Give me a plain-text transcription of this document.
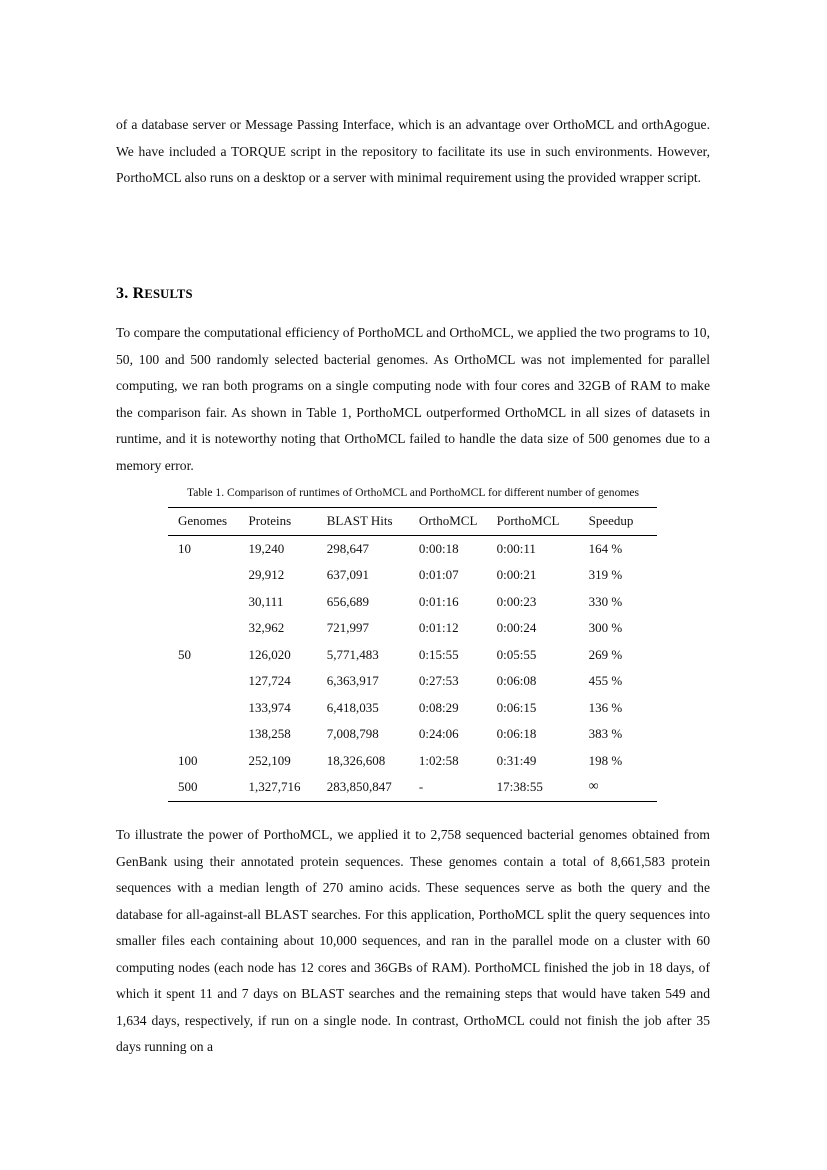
of a database server or Message Passing Interface, which is an advantage over OrthoMCL and orthAgogue. We have included a TORQUE script in the repository to facilitate its use in such environments. However, PorthoMCL also runs on a desktop or a server with minimal requirement using the provided wrapper script.

3. RESULTS

To compare the computational efficiency of PorthoMCL and OrthoMCL, we applied the two programs to 10, 50, 100 and 500 randomly selected bacterial genomes. As OrthoMCL was not implemented for parallel computing, we ran both programs on a single computing node with four cores and 32GB of RAM to make the comparison fair. As shown in Table 1, PorthoMCL outperformed OrthoMCL in all sizes of datasets in runtime, and it is noteworthy noting that OrthoMCL failed to handle the data size of 500 genomes due to a memory error.

Table 1. Comparison of runtimes of OrthoMCL and PorthoMCL for different number of genomes
Genomes	Proteins	BLAST Hits	OrthoMCL	PorthoMCL	Speedup
10	19,240	298,647	0:00:18	0:00:11	164 %
	29,912	637,091	0:01:07	0:00:21	319 %
	30,111	656,689	0:01:16	0:00:23	330 %
	32,962	721,997	0:01:12	0:00:24	300 %
50	126,020	5,771,483	0:15:55	0:05:55	269 %
	127,724	6,363,917	0:27:53	0:06:08	455 %
	133,974	6,418,035	0:08:29	0:06:15	136 %
	138,258	7,008,798	0:24:06	0:06:18	383 %
100	252,109	18,326,608	1:02:58	0:31:49	198 %
500	1,327,716	283,850,847	-	17:38:55	∞

To illustrate the power of PorthoMCL, we applied it to 2,758 sequenced bacterial genomes obtained from GenBank using their annotated protein sequences. These genomes contain a total of 8,661,583 protein sequences with a median length of 270 amino acids. These sequences serve as both the query and the database for all-against-all BLAST searches. For this application, PorthoMCL split the query sequences into smaller files each containing about 10,000 sequences, and ran in the parallel mode on a cluster with 60 computing nodes (each node has 12 cores and 36GBs of RAM). PorthoMCL finished the job in 18 days, of which it spent 11 and 7 days on BLAST searches and the remaining steps that would have taken 549 and 1,634 days, respectively, if run on a single node. In contrast, OrthoMCL could not finish the job after 35 days running on a
